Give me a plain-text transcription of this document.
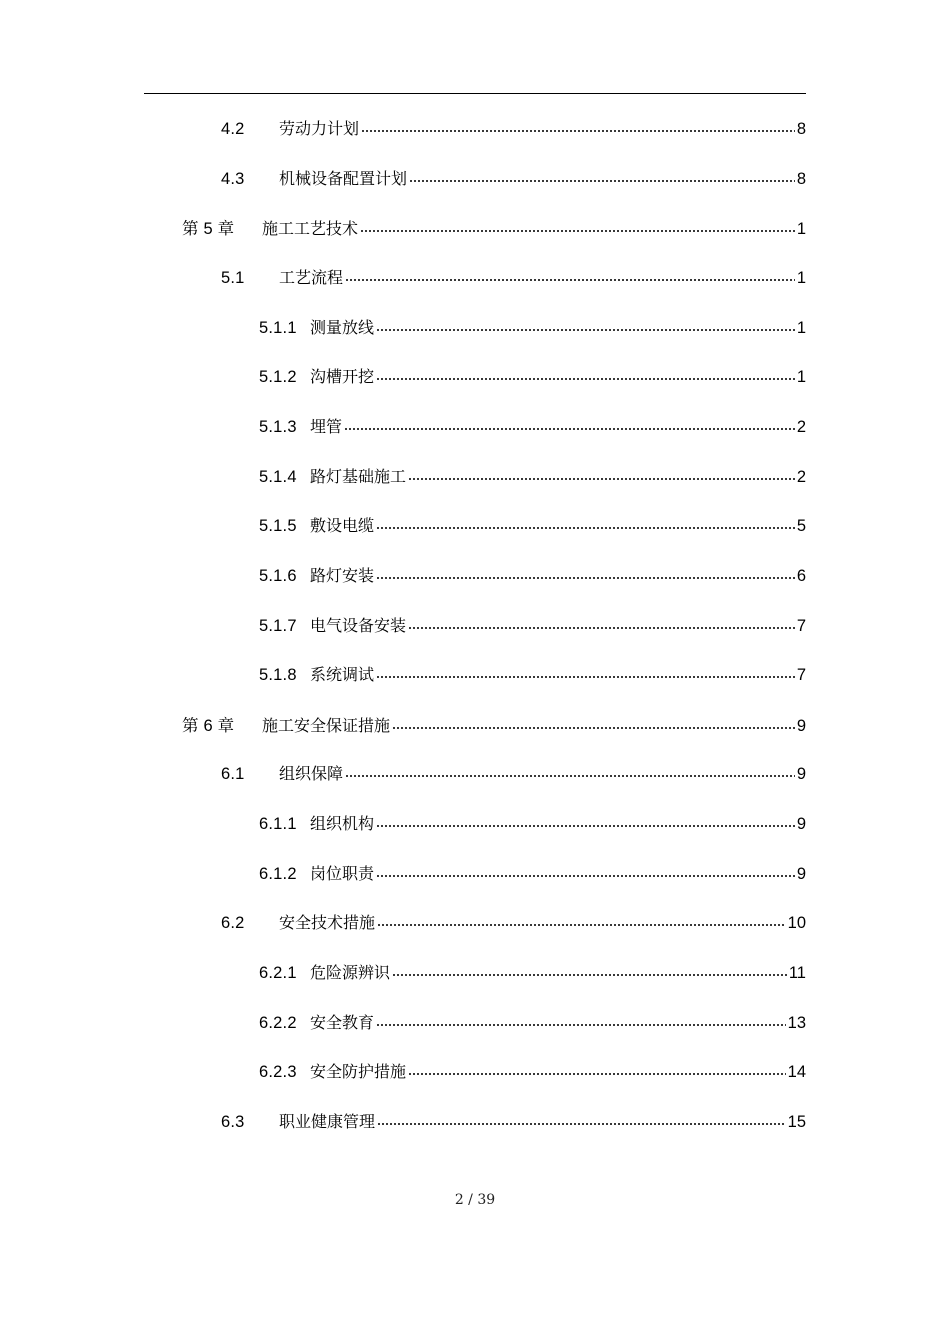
4.2	劳动力计划	8
4.3	机械设备配置计划	8
第 5 章	施工工艺技术	1
5.1	工艺流程	1
5.1.1 测量放线	1
5.1.2 沟槽开挖	1
5.1.3 埋管	2
5.1.4 路灯基础施工	2
5.1.5 敷设电缆	5
5.1.6 路灯安装	6
5.1.7 电气设备安装	7
5.1.8 系统调试	7
第 6 章	施工安全保证措施	9
6.1	组织保障	9
6.1.1 组织机构	9
6.1.2 岗位职责	9
6.2	安全技术措施	10
6.2.1 危险源辨识	11
6.2.2 安全教育	13
6.2.3 安全防护措施	14
6.3	职业健康管理	15
2 / 39
